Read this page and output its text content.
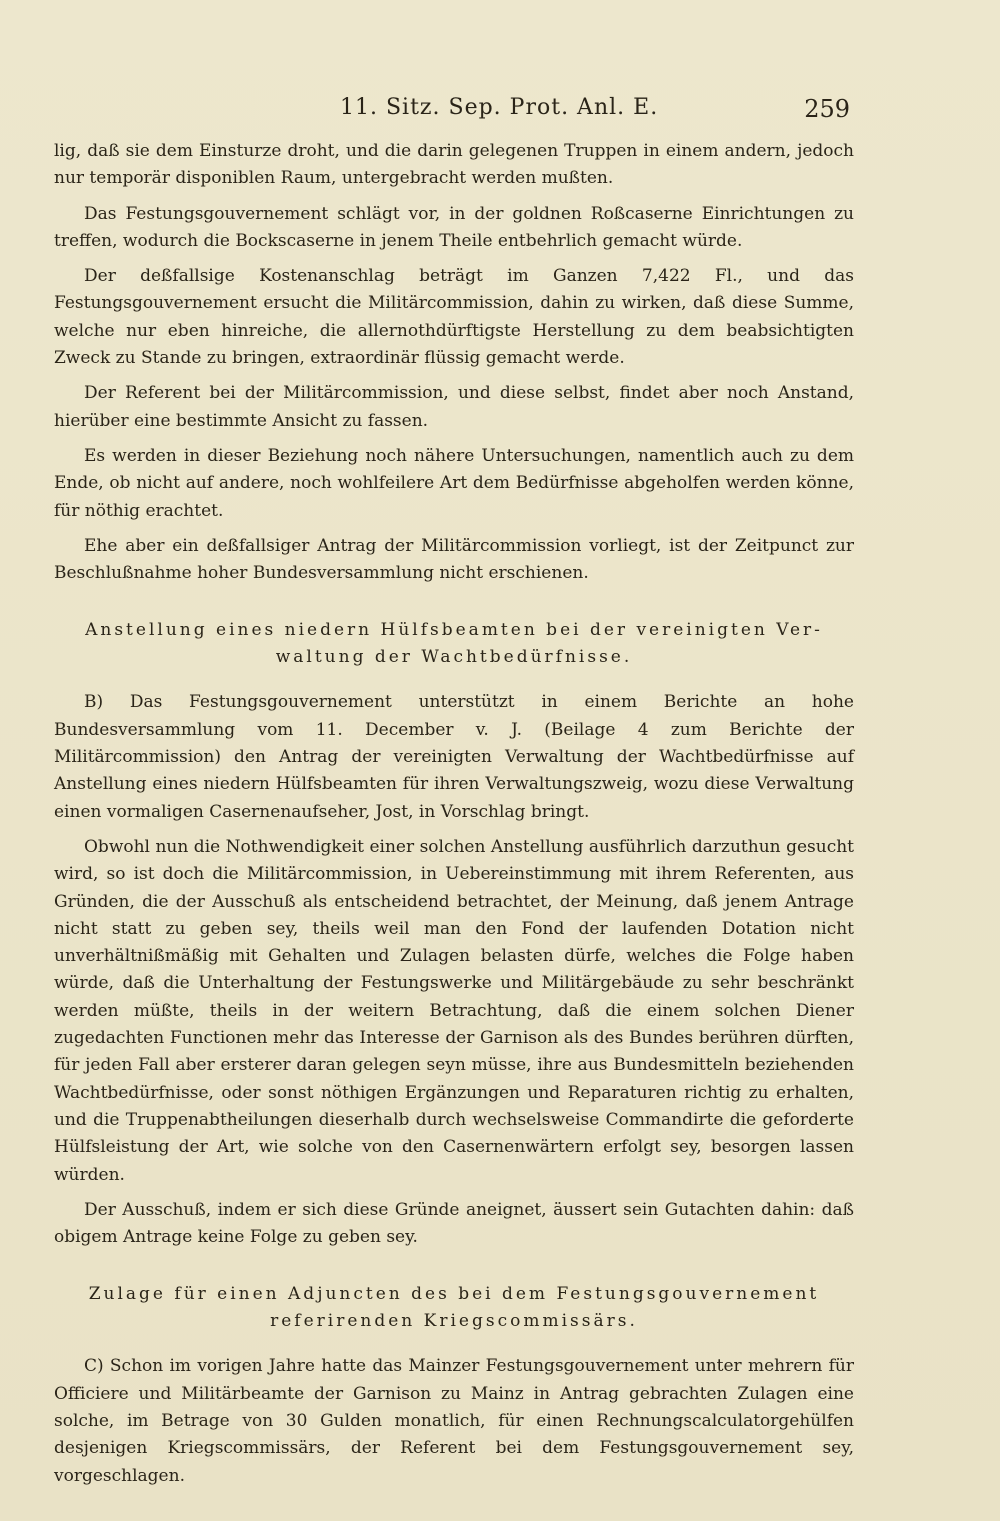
11. Sitz. Sep. Prot. Anl. E.	259

lig, daß sie dem Einsturze droht, und die darin gelegenen Truppen in einem andern, jedoch nur temporär disponiblen Raum, untergebracht werden mußten.

Das Festungsgouvernement schlägt vor, in der goldnen Roßcaserne Einrichtungen zu treffen, wodurch die Bockscaserne in jenem Theile entbehrlich gemacht würde.

Der deßfallsige Kostenanschlag beträgt im Ganzen 7,422 Fl., und das Festungsgouvernement ersucht die Militärcommission, dahin zu wirken, daß diese Summe, welche nur eben hinreiche, die allernothdürftigste Herstellung zu dem beabsichtigten Zweck zu Stande zu bringen, extraordinär flüssig gemacht werde.

Der Referent bei der Militärcommission, und diese selbst, findet aber noch Anstand, hierüber eine bestimmte Ansicht zu fassen.

Es werden in dieser Beziehung noch nähere Untersuchungen, namentlich auch zu dem Ende, ob nicht auf andere, noch wohlfeilere Art dem Bedürfnisse abgeholfen werden könne, für nöthig erachtet.

Ehe aber ein deßfallsiger Antrag der Militärcommission vorliegt, ist der Zeitpunct zur Beschlußnahme hoher Bundesversammlung nicht erschienen.

Anstellung eines niedern Hülfsbeamten bei der vereinigten Ver-
waltung der Wachtbedürfnisse.

B) Das Festungsgouvernement unterstützt in einem Berichte an hohe Bundesversammlung vom 11. December v. J. (Beilage 4 zum Berichte der Militärcommission) den Antrag der vereinigten Verwaltung der Wachtbedürfnisse auf Anstellung eines niedern Hülfsbeamten für ihren Verwaltungszweig, wozu diese Verwaltung einen vormaligen Casernenaufseher, Jost, in Vorschlag bringt.

Obwohl nun die Nothwendigkeit einer solchen Anstellung ausführlich darzuthun gesucht wird, so ist doch die Militärcommission, in Uebereinstimmung mit ihrem Referenten, aus Gründen, die der Ausschuß als entscheidend betrachtet, der Meinung, daß jenem Antrage nicht statt zu geben sey, theils weil man den Fond der laufenden Dotation nicht unverhältnißmäßig mit Gehalten und Zulagen belasten dürfe, welches die Folge haben würde, daß die Unterhaltung der Festungswerke und Militärgebäude zu sehr beschränkt werden müßte, theils in der weitern Betrachtung, daß die einem solchen Diener zugedachten Functionen mehr das Interesse der Garnison als des Bundes berühren dürften, für jeden Fall aber ersterer daran gelegen seyn müsse, ihre aus Bundesmitteln beziehenden Wachtbedürfnisse, oder sonst nöthigen Ergänzungen und Reparaturen richtig zu erhalten, und die Truppenabtheilungen dieserhalb durch wechselsweise Commandirte die geforderte Hülfsleistung der Art, wie solche von den Casernenwärtern erfolgt sey, besorgen lassen würden.

Der Ausschuß, indem er sich diese Gründe aneignet, äussert sein Gutachten dahin: daß obigem Antrage keine Folge zu geben sey.

Zulage für einen Adjuncten des bei dem Festungsgouvernement
referirenden Kriegscommissärs.

C) Schon im vorigen Jahre hatte das Mainzer Festungsgouvernement unter mehrern für Officiere und Militärbeamte der Garnison zu Mainz in Antrag gebrachten Zulagen eine solche, im Betrage von 30 Gulden monatlich, für einen Rechnungscalculatorgehülfen desjenigen Kriegscommissärs, der Referent bei dem Festungsgouvernement sey, vorgeschlagen.
